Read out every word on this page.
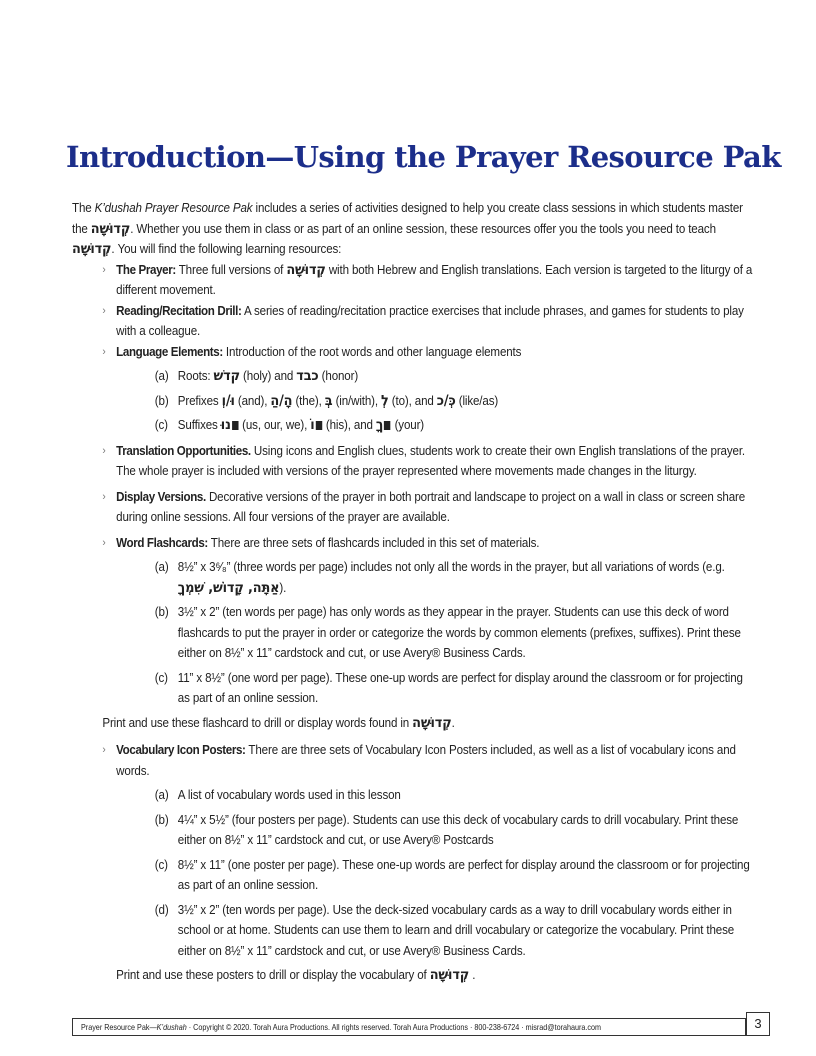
Introduction—Using the Prayer Resource Pak

The K’dushah Prayer Resource Pak includes a series of activities designed to help you create class sessions in which students master the קְדוּשָׁה. Whether you use them in class or as part of an online session, these resources offer you the tools you need to teach קְדוּשָׁה. You will find the following learning resources:

› The Prayer: Three full versions of קְדוּשָׁה with both Hebrew and English translations. Each version is targeted to the liturgy of a different movement.
› Reading/Recitation Drill: A series of reading/recitation practice exercises that include phrases, and games for students to play with a colleague.
› Language Elements: Introduction of the root words and other language elements
(a) Roots: קדשׁ (holy) and כבד (honor)
(b) Prefixes וּ/וְ (and), הָ/הַ (the), בְּ (in/with), לְ (to), and כְּ/כ (like/as)
(c) Suffixes נוּ (us, our, we), וֹ (his), and ךָ (your)
› Translation Opportunities. Using icons and English clues, students work to create their own English translations of the prayer. The whole prayer is included with versions of the prayer represented where movements made changes in the liturgy.
› Display Versions. Decorative versions of the prayer in both portrait and landscape to project on a wall in class or screen share during online sessions. All four versions of the prayer are available.
› Word Flashcards: There are three sets of flashcards included in this set of materials.
(a) 8½” x 3⁶⁄₈” (three words per page) includes not only all the words in the prayer, but all variations of words (e.g. אַתָּה, קָדוֹשׁ, שִׁמְךָ).
(b) 3½” x 2” (ten words per page) has only words as they appear in the prayer. Students can use this deck of word flashcards to put the prayer in order or categorize the words by common elements (prefixes, suffixes). Print these either on 8½” x 11” cardstock and cut, or use Avery® Business Cards.
(c) 11” x 8½” (one word per page). These one-up words are perfect for display around the classroom or for projecting as part of an online session.

Print and use these flashcard to drill or display words found in קְדוּשָׁה.

› Vocabulary Icon Posters: There are three sets of Vocabulary Icon Posters included, as well as a list of vocabulary icons and words.
(a) A list of vocabulary words used in this lesson
(b) 4¼” x 5½” (four posters per page). Students can use this deck of vocabulary cards to drill vocabulary. Print these either on 8½” x 11” cardstock and cut, or use Avery® Postcards
(c) 8½” x 11” (one poster per page). These one-up words are perfect for display around the classroom or for projecting as part of an online session.
(d) 3½” x 2” (ten words per page). Use the deck-sized vocabulary cards as a way to drill vocabulary words either in school or at home. Students can use them to learn and drill vocabulary or categorize the vocabulary. Print these either on 8½” x 11” cardstock and cut, or use Avery® Business Cards.

Print and use these posters to drill or display the vocabulary of קְדוּשָׁה .

Prayer Resource Pak—K’dushah · Copyright © 2020. Torah Aura Productions. All rights reserved. Torah Aura Productions · 800-238-6724 · misrad@torahaura.com	3
